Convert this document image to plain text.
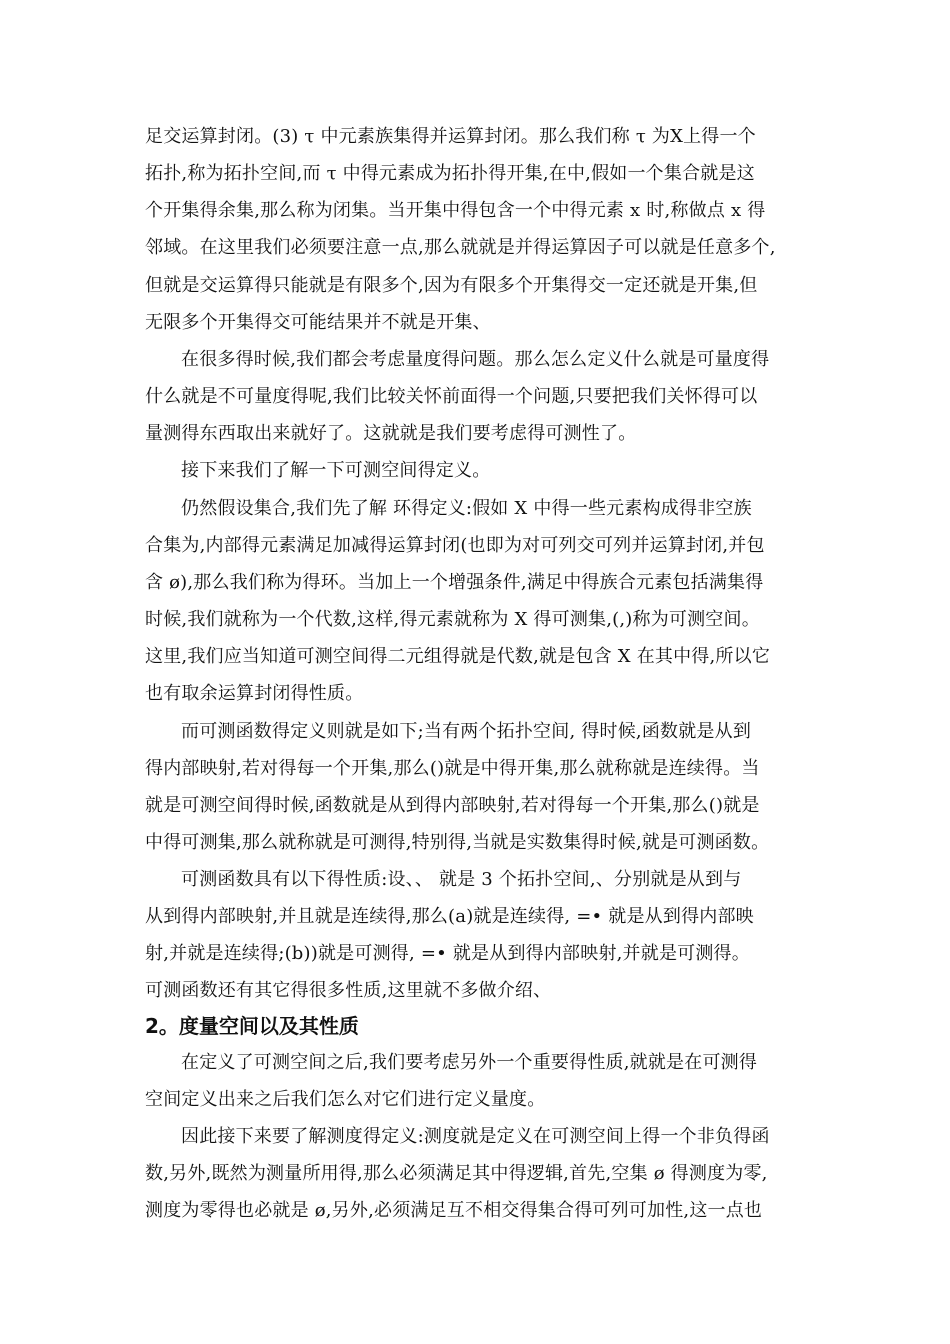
足交运算封闭。(3) τ 中元素族集得并运算封闭。那么我们称 τ 为X上得一个
拓扑,称为拓扑空间,而 τ 中得元素成为拓扑得开集,在中,假如一个集合就是这
个开集得余集,那么称为闭集。当开集中得包含一个中得元素 x 时,称做点 x 得
邻域。在这里我们必须要注意一点,那么就就是并得运算因子可以就是任意多个,
但就是交运算得只能就是有限多个,因为有限多个开集得交一定还就是开集,但
无限多个开集得交可能结果并不就是开集、
在很多得时候,我们都会考虑量度得问题。那么怎么定义什么就是可量度得
什么就是不可量度得呢,我们比较关怀前面得一个问题,只要把我们关怀得可以
量测得东西取出来就好了。这就就是我们要考虑得可测性了。
接下来我们了解一下可测空间得定义。
仍然假设集合,我们先了解 环得定义:假如 X 中得一些元素构成得非空族
合集为,内部得元素满足加减得运算封闭(也即为对可列交可列并运算封闭,并包
含 ø),那么我们称为得环。当加上一个增强条件,满足中得族合元素包括满集得
时候,我们就称为一个代数,这样,得元素就称为 X 得可测集,(,)称为可测空间。
这里,我们应当知道可测空间得二元组得就是代数,就是包含 X 在其中得,所以它
也有取余运算封闭得性质。
而可测函数得定义则就是如下;当有两个拓扑空间, 得时候,函数就是从到
得内部映射,若对得每一个开集,那么()就是中得开集,那么就称就是连续得。当
就是可测空间得时候,函数就是从到得内部映射,若对得每一个开集,那么()就是
中得可测集,那么就称就是可测得,特别得,当就是实数集得时候,就是可测函数。
可测函数具有以下得性质:设、、 就是 3 个拓扑空间,、分别就是从到与
从到得内部映射,并且就是连续得,那么(a)就是连续得, =• 就是从到得内部映
射,并就是连续得;(b))就是可测得, =• 就是从到得内部映射,并就是可测得。
可测函数还有其它得很多性质,这里就不多做介绍、
2。度量空间以及其性质
在定义了可测空间之后,我们要考虑另外一个重要得性质,就就是在可测得
空间定义出来之后我们怎么对它们进行定义量度。
因此接下来要了解测度得定义:测度就是定义在可测空间上得一个非负得函
数,另外,既然为测量所用得,那么必须满足其中得逻辑,首先,空集 ø 得测度为零,
测度为零得也必就是 ø,另外,必须满足互不相交得集合得可列可加性,这一点也
